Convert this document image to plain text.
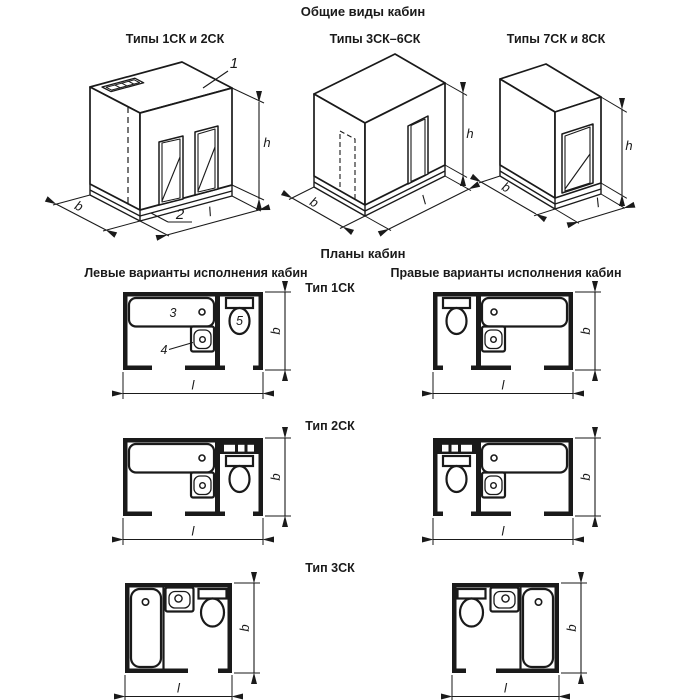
Общие виды кабин
Типы 1СК и 2СК	Типы 3СК–6СК	Типы 7СК и 8СК
1
2
b	l
h
b	l
h
b
l
h
Планы кабин
Левые варианты исполнения кабин	Правые варианты исполнения кабин
Тип 1СК
Тип 2СК
Тип 3СК
3
4
5
l
b
l
b
l
b
l
b
l
b
l
b
